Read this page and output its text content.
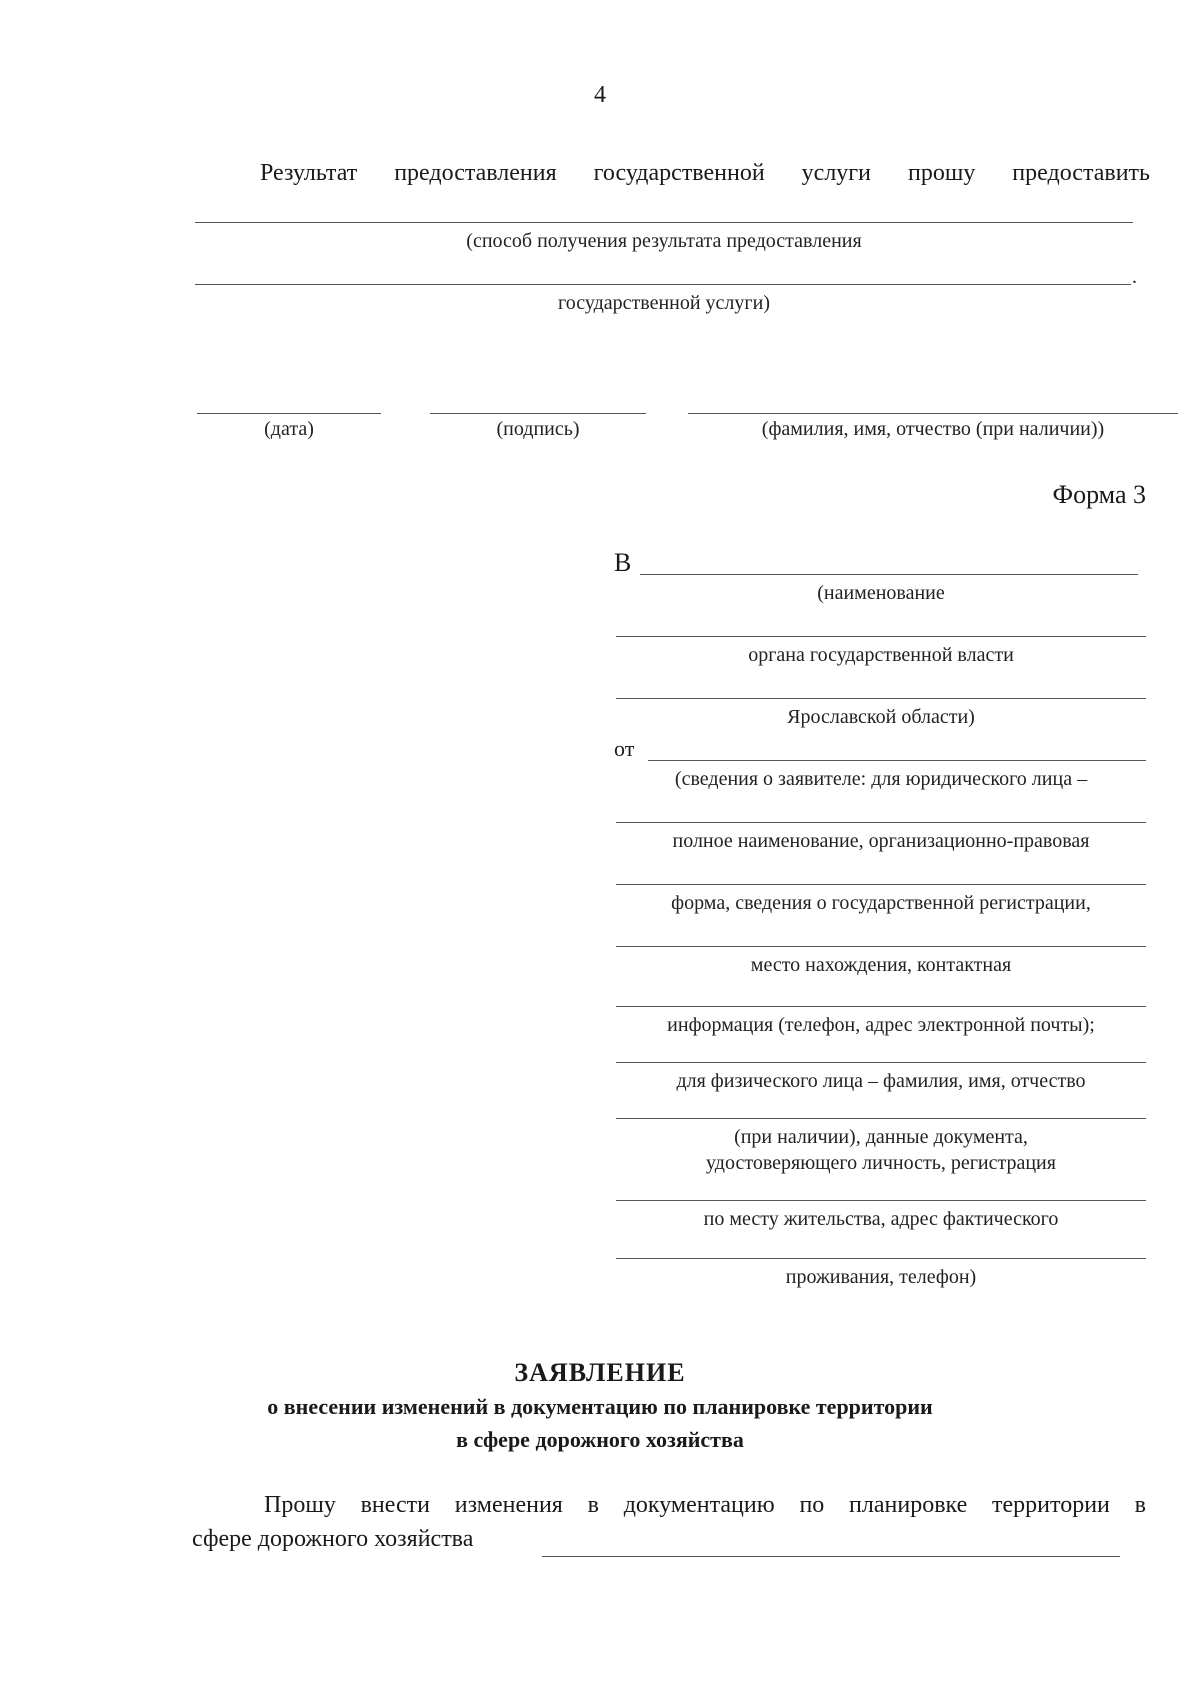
4
Результат предоставления государственной услуги прошу предоставить
(способ получения результата предоставления
.
государственной услуги)
(дата)	(подпись)	(фамилия, имя, отчество (при наличии))
Форма 3
В
(наименование
органа государственной власти
Ярославской области)
от
(сведения о заявителе: для юридического лица –
полное наименование, организационно-правовая
форма, сведения о государственной регистрации,
место нахождения, контактная
информация (телефон, адрес электронной почты);
для физического лица – фамилия, имя, отчество
(при наличии), данные документа,
удостоверяющего личность, регистрация
по месту жительства, адрес фактического
проживания, телефон)
ЗАЯВЛЕНИЕ
о внесении изменений в документацию по планировке территории
в сфере дорожного хозяйства
Прошу внести изменения в документацию по планировке территории в
сфере дорожного хозяйства
